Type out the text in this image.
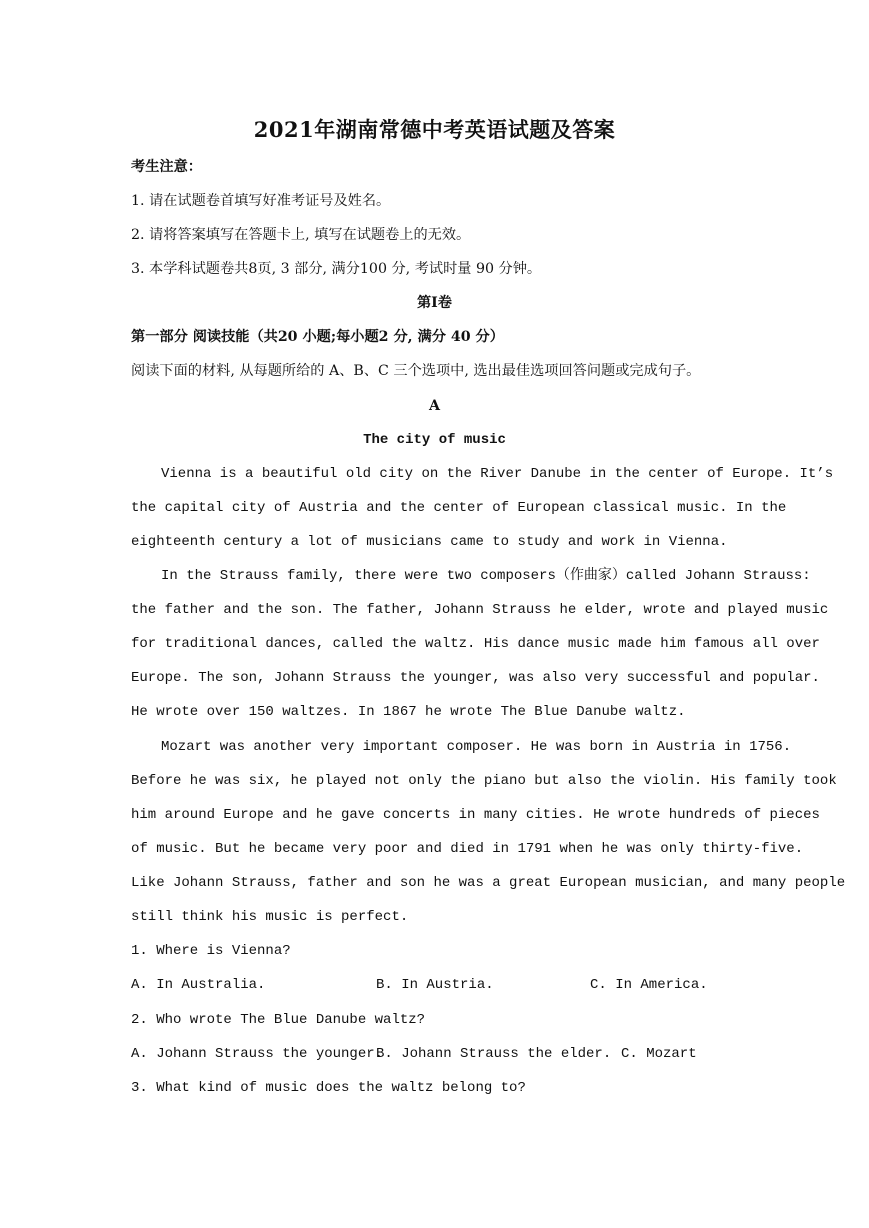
2021年湖南常德中考英语试题及答案
考生注意：
1. 请在试题卷首填写好准考证号及姓名。
2. 请将答案填写在答题卡上, 填写在试题卷上的无效。
3. 本学科试题卷共8页, 3 部分, 满分100 分, 考试时量 90 分钟。
第Ⅰ卷
第一部分 阅读技能（共20 小题;每小题2 分, 满分 40 分）
阅读下面的材料, 从每题所给的 A、B、C 三个选项中, 选出最佳选项回答问题或完成句子。
A
The city of music
Vienna is a beautiful old city on the River Danube in the center of Europe. It’s
the capital city of Austria and the center of European classical music. In the
eighteenth century a lot of musicians came to study and work in Vienna.
In the Strauss family, there were two composers（作曲家）called Johann Strauss:
the father and the son. The father, Johann Strauss he elder, wrote and played music
for traditional dances, called the waltz. His dance music made him famous all over
Europe. The son, Johann Strauss the younger, was also very successful and popular.
He wrote over 150 waltzes. In 1867 he wrote The Blue Danube waltz.
Mozart was another very important composer. He was born in Austria in 1756.
Before he was six, he played not only the piano but also the violin. His family took
him around Europe and he gave concerts in many cities. He wrote hundreds of pieces
of music. But he became very poor and died in 1791 when he was only thirty-five.
Like Johann Strauss, father and son he was a great European musician, and many people
still think his music is perfect.
1. Where is Vienna?
A. In Australia.	B. In Austria.	C. In America.
2. Who wrote The Blue Danube waltz?
A. Johann Strauss the younger.
B. Johann Strauss the elder. C. Mozart
3. What kind of music does the waltz belong to?
